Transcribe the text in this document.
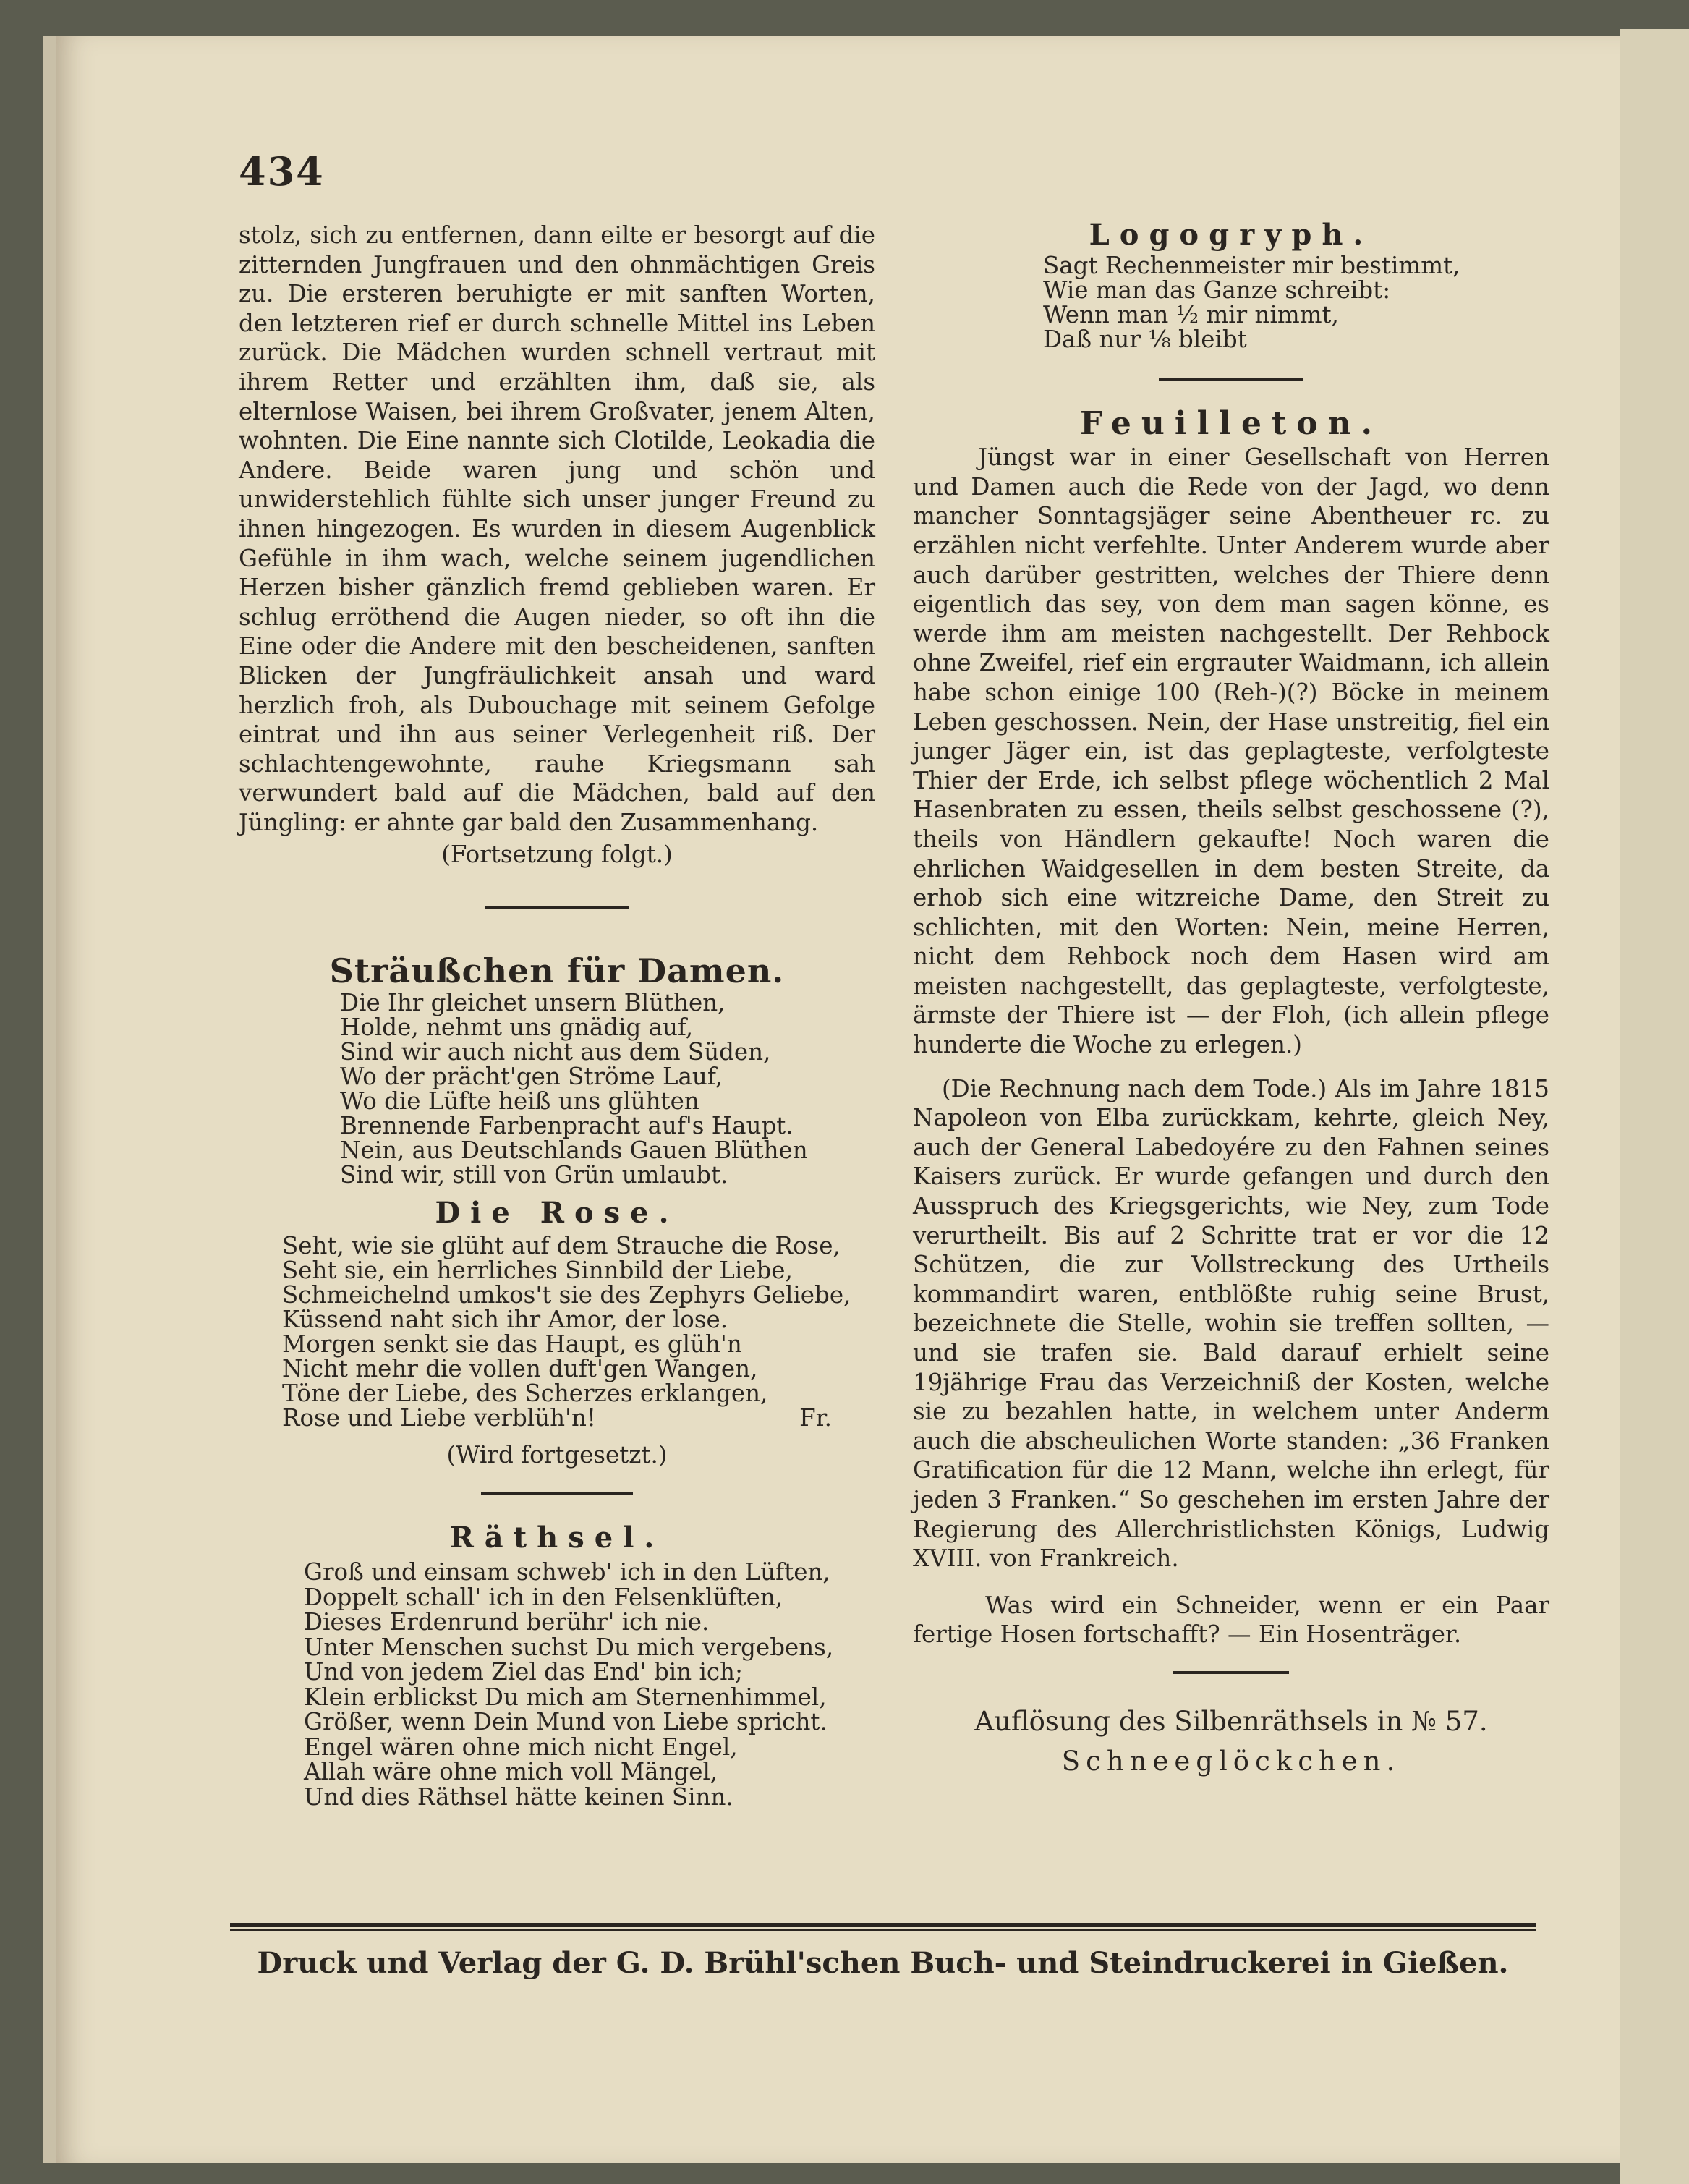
434

stolz, sich zu entfernen, dann eilte er besorgt auf die zitternden Jungfrauen und den ohnmächtigen Greis zu. Die ersteren beruhigte er mit sanften Worten, den letzteren rief er durch schnelle Mittel ins Leben zurück. Die Mädchen wurden schnell vertraut mit ihrem Retter und erzählten ihm, daß sie, als elternlose Waisen, bei ihrem Großvater, jenem Alten, wohnten. Die Eine nannte sich Clotilde, Leokadia die Andere. Beide waren jung und schön und unwiderstehlich fühlte sich unser junger Freund zu ihnen hingezogen. Es wurden in diesem Augenblick Gefühle in ihm wach, welche seinem jugendlichen Herzen bisher gänzlich fremd geblieben waren. Er schlug erröthend die Augen nieder, so oft ihn die Eine oder die Andere mit den bescheidenen, sanften Blicken der Jungfräulichkeit ansah und ward herzlich froh, als Dubouchage mit seinem Gefolge eintrat und ihn aus seiner Verlegenheit riß. Der schlachtengewohnte, rauhe Kriegsmann sah verwundert bald auf die Mädchen, bald auf den Jüngling: er ahnte gar bald den Zusammenhang.

(Fortsetzung folgt.)
Sträußchen für Damen.
Die Ihr gleichet unsern Blüthen,
Holde, nehmt uns gnädig auf,
Sind wir auch nicht aus dem Süden,
Wo der prächt'gen Ströme Lauf,
Wo die Lüfte heiß uns glühten
Brennende Farbenpracht auf's Haupt.
Nein, aus Deutschlands Gauen Blüthen
Sind wir, still von Grün umlaubt.
Die Rose.
Seht, wie sie glüht auf dem Strauche die Rose,
Seht sie, ein herrliches Sinnbild der Liebe,
Schmeichelnd umkos't sie des Zephyrs Geliebe,
Küssend naht sich ihr Amor, der lose.
Morgen senkt sie das Haupt, es glüh'n
Nicht mehr die vollen duft'gen Wangen,
Töne der Liebe, des Scherzes erklangen,
Rose und Liebe verblüh'n!	Fr.
(Wird fortgesetzt.)
Räthsel.
Groß und einsam schweb' ich in den Lüften,
Doppelt schall' ich in den Felsenklüften,
Dieses Erdenrund berühr' ich nie.
Unter Menschen suchst Du mich vergebens,
Und von jedem Ziel das End' bin ich;
Klein erblickst Du mich am Sternenhimmel,
Größer, wenn Dein Mund von Liebe spricht.
Engel wären ohne mich nicht Engel,
Allah wäre ohne mich voll Mängel,
Und dies Räthsel hätte keinen Sinn.
Logogryph.
Sagt Rechenmeister mir bestimmt,
Wie man das Ganze schreibt:
Wenn man ½ mir nimmt,
Daß nur ⅛ bleibt
Feuilleton.

Jüngst war in einer Gesellschaft von Herren und Damen auch die Rede von der Jagd, wo denn mancher Sonntagsjäger seine Abentheuer rc. zu erzählen nicht verfehlte. Unter Anderem wurde aber auch darüber gestritten, welches der Thiere denn eigentlich das sey, von dem man sagen könne, es werde ihm am meisten nachgestellt. Der Rehbock ohne Zweifel, rief ein ergrauter Waidmann, ich allein habe schon einige 100 (Reh-)(?) Böcke in meinem Leben geschossen. Nein, der Hase unstreitig, fiel ein junger Jäger ein, ist das geplagteste, verfolgteste Thier der Erde, ich selbst pflege wöchentlich 2 Mal Hasenbraten zu essen, theils selbst geschossene (?), theils von Händlern gekaufte! Noch waren die ehrlichen Waidgesellen in dem besten Streite, da erhob sich eine witzreiche Dame, den Streit zu schlichten, mit den Worten: Nein, meine Herren, nicht dem Rehbock noch dem Hasen wird am meisten nachgestellt, das geplagteste, verfolgteste, ärmste der Thiere ist — der Floh, (ich allein pflege hunderte die Woche zu erlegen.)

(Die Rechnung nach dem Tode.) Als im Jahre 1815 Napoleon von Elba zurückkam, kehrte, gleich Ney, auch der General Labedoyére zu den Fahnen seines Kaisers zurück. Er wurde gefangen und durch den Ausspruch des Kriegsgerichts, wie Ney, zum Tode verurtheilt. Bis auf 2 Schritte trat er vor die 12 Schützen, die zur Vollstreckung des Urtheils kommandirt waren, entblößte ruhig seine Brust, bezeichnete die Stelle, wohin sie treffen sollten, — und sie trafen sie. Bald darauf erhielt seine 19jährige Frau das Verzeichniß der Kosten, welche sie zu bezahlen hatte, in welchem unter Anderm auch die abscheulichen Worte standen: „36 Franken Gratification für die 12 Mann, welche ihn erlegt, für jeden 3 Franken.“ So geschehen im ersten Jahre der Regierung des Allerchristlichsten Königs, Ludwig XVIII. von Frankreich.

Was wird ein Schneider, wenn er ein Paar fertige Hosen fortschafft? — Ein Hosenträger.

Auflösung des Silbenräthsels in № 57.
Schneeglöckchen.
Druck und Verlag der G. D. Brühl'schen Buch- und Steindruckerei in Gießen.
